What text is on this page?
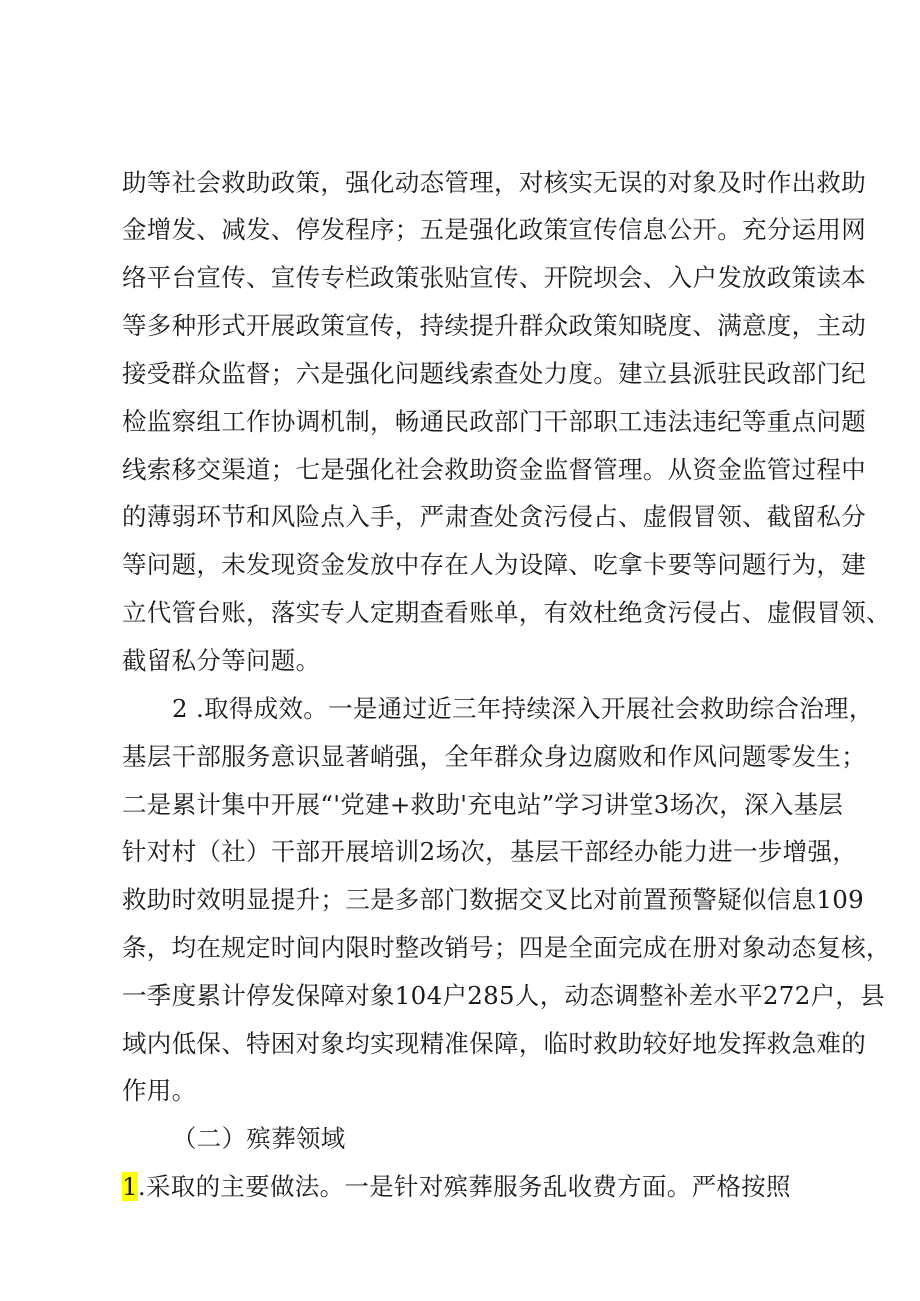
助等社会救助政策，强化动态管理，对核实无误的对象及时作出救助
金增发、减发、停发程序；五是强化政策宣传信息公开。充分运用网
络平台宣传、宣传专栏政策张贴宣传、开院坝会、入户发放政策读本
等多种形式开展政策宣传，持续提升群众政策知晓度、满意度，主动
接受群众监督；六是强化问题线索查处力度。建立县派驻民政部门纪
检监察组工作协调机制，畅通民政部门干部职工违法违纪等重点问题
线索移交渠道；七是强化社会救助资金监督管理。从资金监管过程中
的薄弱环节和风险点入手，严肃查处贪污侵占、虚假冒领、截留私分
等问题，未发现资金发放中存在人为设障、吃拿卡要等问题行为，建
立代管台账，落实专人定期查看账单，有效杜绝贪污侵占、虚假冒领、
截留私分等问题。
2 .取得成效。一是通过近三年持续深入开展社会救助综合治理，
基层干部服务意识显著峭强，全年群众身边腐败和作风问题零发生；
二是累计集中开展“'党建+救助'充电站”学习讲堂3场次，深入基层
针对村（社）干部开展培训2场次，基层干部经办能力进一步增强，
救助时效明显提升；三是多部门数据交叉比对前置预警疑似信息109
条，均在规定时间内限时整改销号；四是全面完成在册对象动态复核，
一季度累计停发保障对象104户285人，动态调整补差水平272户，县
域内低保、特困对象均实现精准保障，临时救助较好地发挥救急难的
作用。
（二）殡葬领域
1.采取的主要做法。一是针对殡葬服务乱收费方面。严格按照
